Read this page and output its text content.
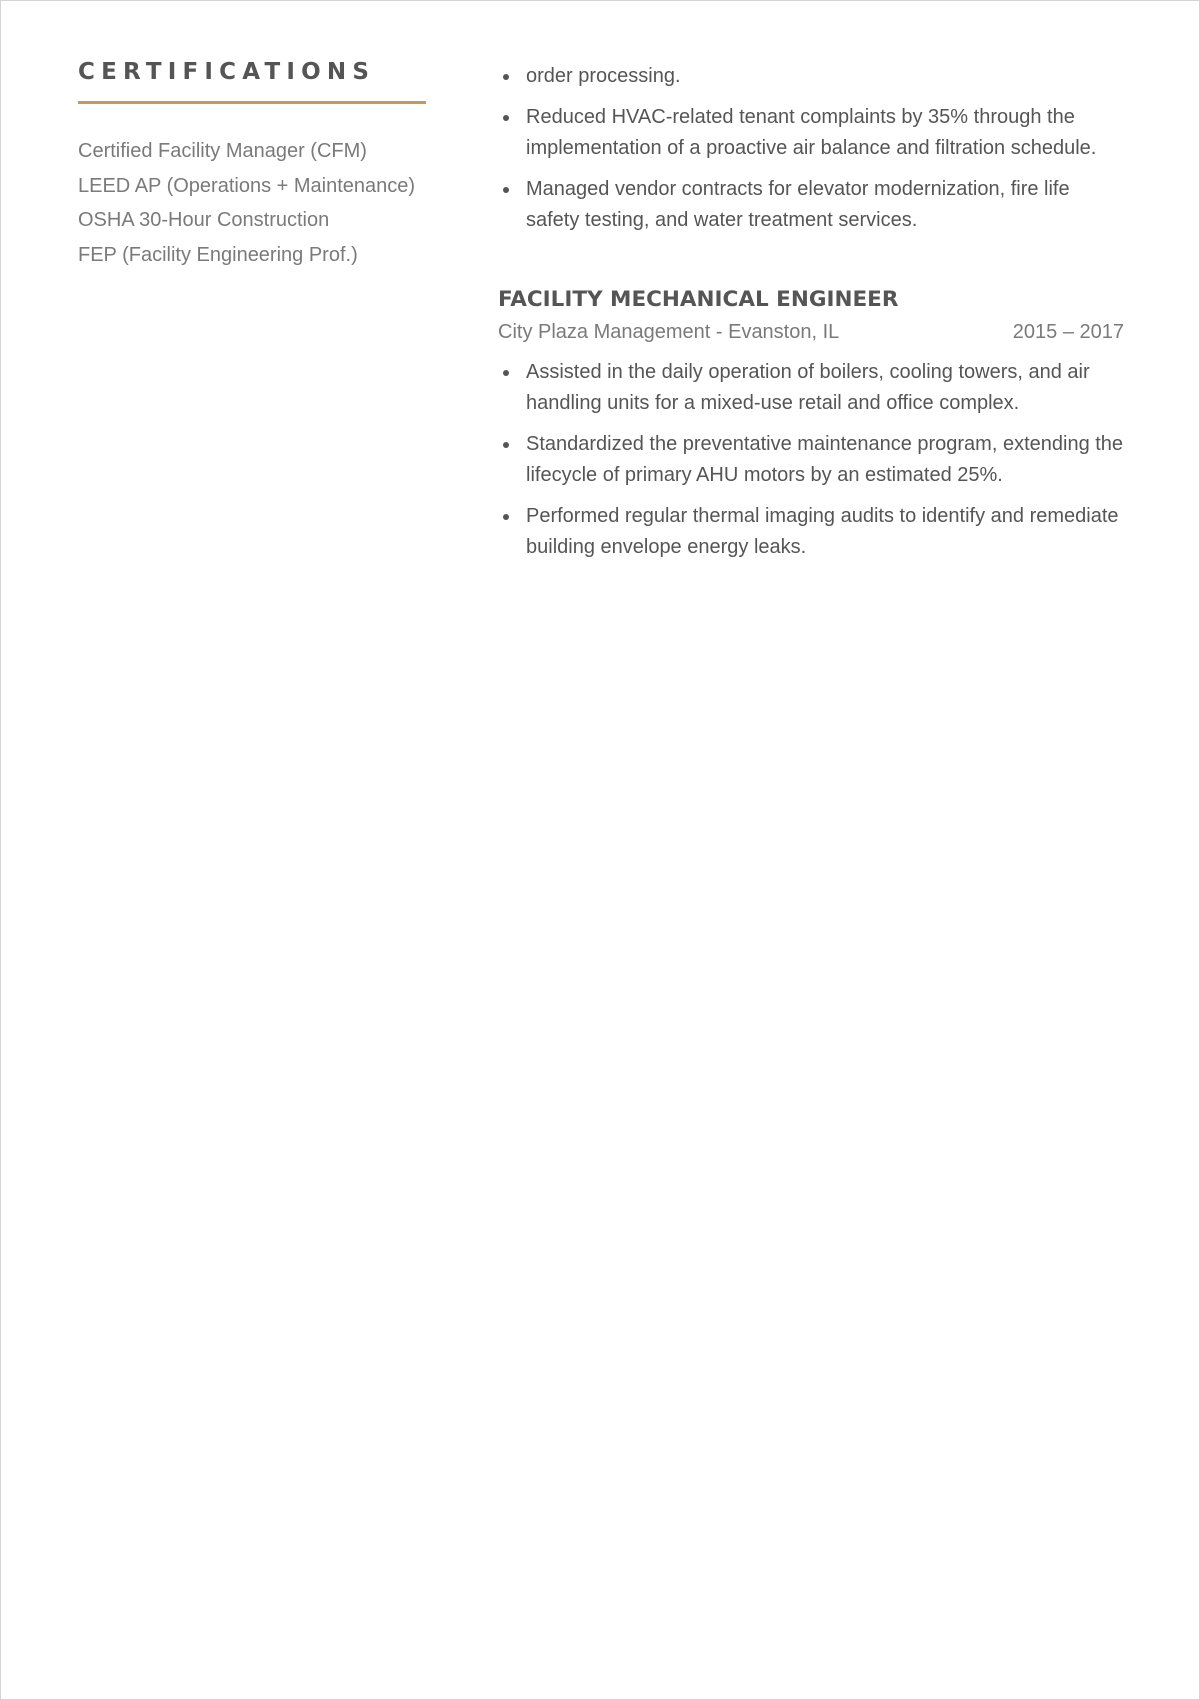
CERTIFICATIONS
Certified Facility Manager (CFM)
LEED AP (Operations + Maintenance)
OSHA 30-Hour Construction
FEP (Facility Engineering Prof.)
order processing.
Reduced HVAC-related tenant complaints by 35% through the implementation of a proactive air balance and filtration schedule.
Managed vendor contracts for elevator modernization, fire life safety testing, and water treatment services.
FACILITY MECHANICAL ENGINEER
City Plaza Management - Evanston, IL	2015 – 2017
Assisted in the daily operation of boilers, cooling towers, and air handling units for a mixed-use retail and office complex.
Standardized the preventative maintenance program, extending the lifecycle of primary AHU motors by an estimated 25%.
Performed regular thermal imaging audits to identify and remediate building envelope energy leaks.
